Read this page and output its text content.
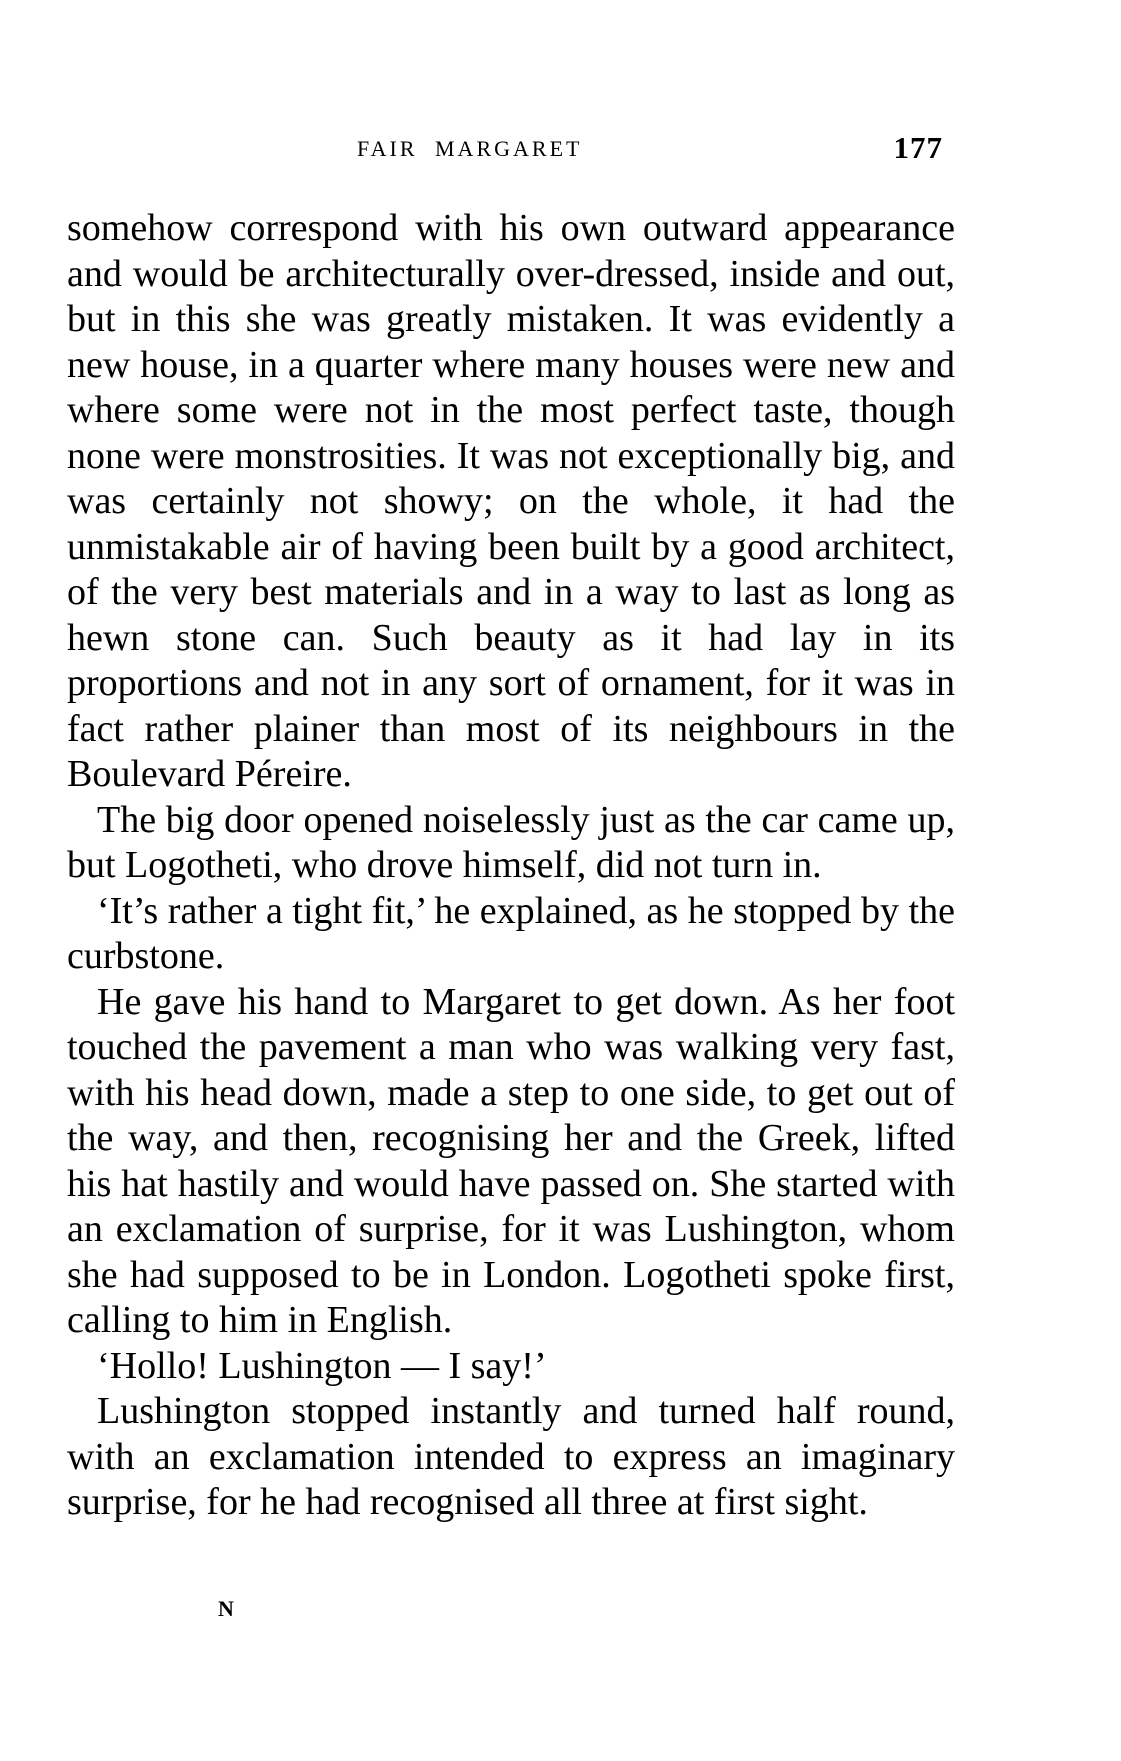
FAIR MARGARET	177

somehow correspond with his own outward appearance and would be architecturally over-dressed, inside and out, but in this she was greatly mistaken. It was evidently a new house, in a quarter where many houses were new and where some were not in the most perfect taste, though none were monstrosities. It was not exceptionally big, and was certainly not showy; on the whole, it had the unmistakable air of having been built by a good architect, of the very best materials and in a way to last as long as hewn stone can. Such beauty as it had lay in its proportions and not in any sort of ornament, for it was in fact rather plainer than most of its neighbours in the Boulevard Péreire.

The big door opened noiselessly just as the car came up, but Logotheti, who drove himself, did not turn in.

‘It’s rather a tight fit,’ he explained, as he stopped by the curbstone.

He gave his hand to Margaret to get down. As her foot touched the pavement a man who was walking very fast, with his head down, made a step to one side, to get out of the way, and then, recognising her and the Greek, lifted his hat hastily and would have passed on. She started with an exclamation of surprise, for it was Lushington, whom she had supposed to be in London. Logotheti spoke first, calling to him in English.

‘Hollo! Lushington — I say!’

Lushington stopped instantly and turned half round, with an exclamation intended to express an imaginary surprise, for he had recognised all three at first sight.

N
